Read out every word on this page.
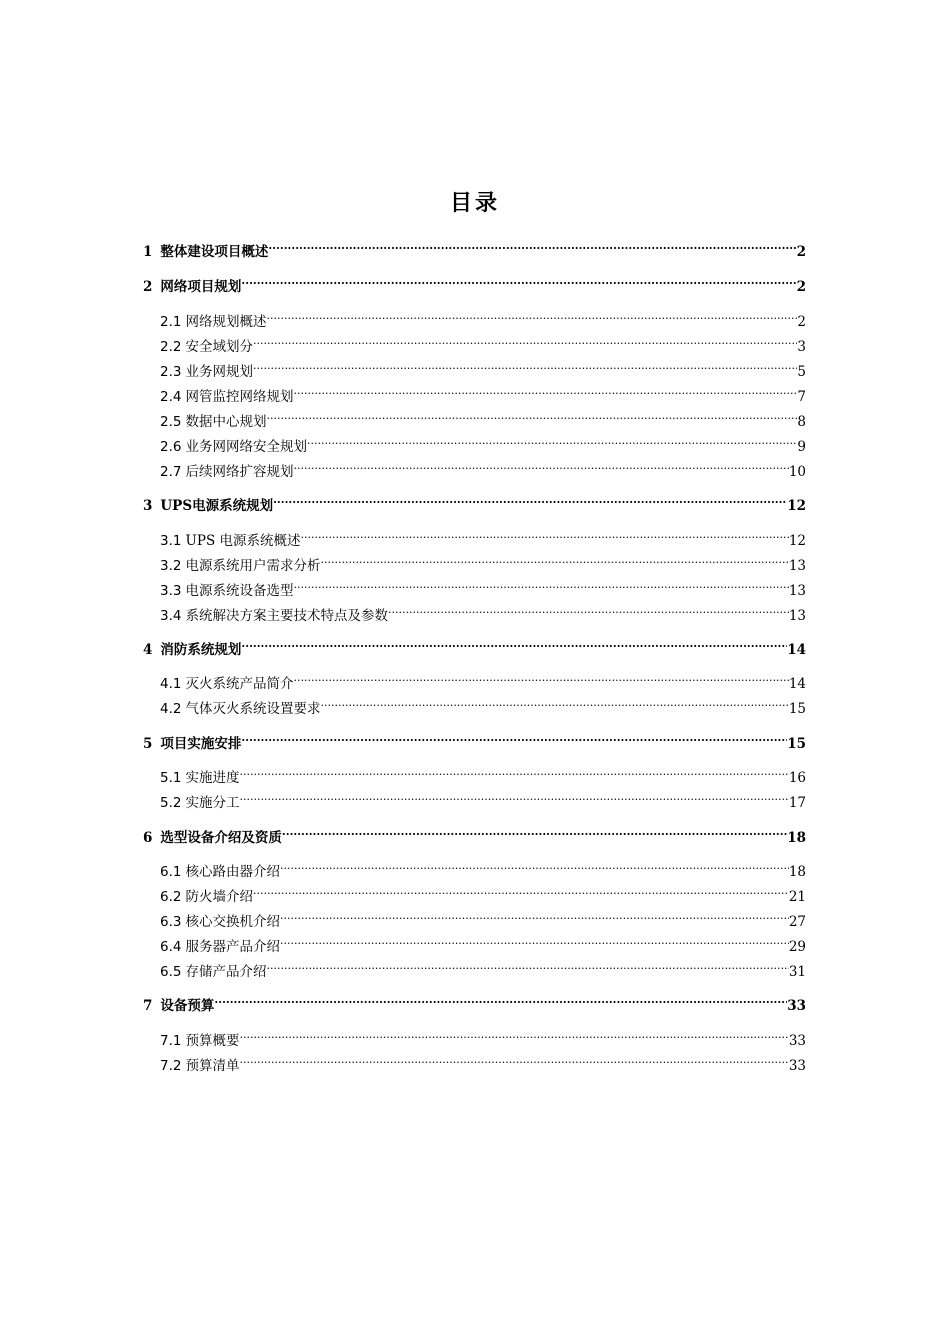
目录
1 整体建设项目概述 .....	2
2 网络项目规划 .....	2
2.1 网络规划概述 .....	2
2.2 安全域划分 .....	3
2.3 业务网规划 .....	5
2.4 网管监控网络规划 .....	7
2.5 数据中心规划 .....	8
2.6 业务网网络安全规划 .....	9
2.7 后续网络扩容规划 .....	10
3 UPS电源系统规划 .....	12
3.1 UPS 电源系统概述 .....	12
3.2 电源系统用户需求分析 .....	13
3.3 电源系统设备选型 .....	13
3.4 系统解决方案主要技术特点及参数 .....	13
4 消防系统规划 .....	14
4.1 灭火系统产品简介 .....	14
4.2 气体灭火系统设置要求 .....	15
5 项目实施安排 .....	15
5.1 实施进度 .....	16
5.2 实施分工 .....	17
6 选型设备介绍及资质 .....	18
6.1 核心路由器介绍 .....	18
6.2 防火墙介绍 .....	21
6.3 核心交换机介绍 .....	27
6.4 服务器产品介绍 .....	29
6.5 存储产品介绍 .....	31
7 设备预算 .....	33
7.1 预算概要 .....	33
7.2 预算清单 .....	33
